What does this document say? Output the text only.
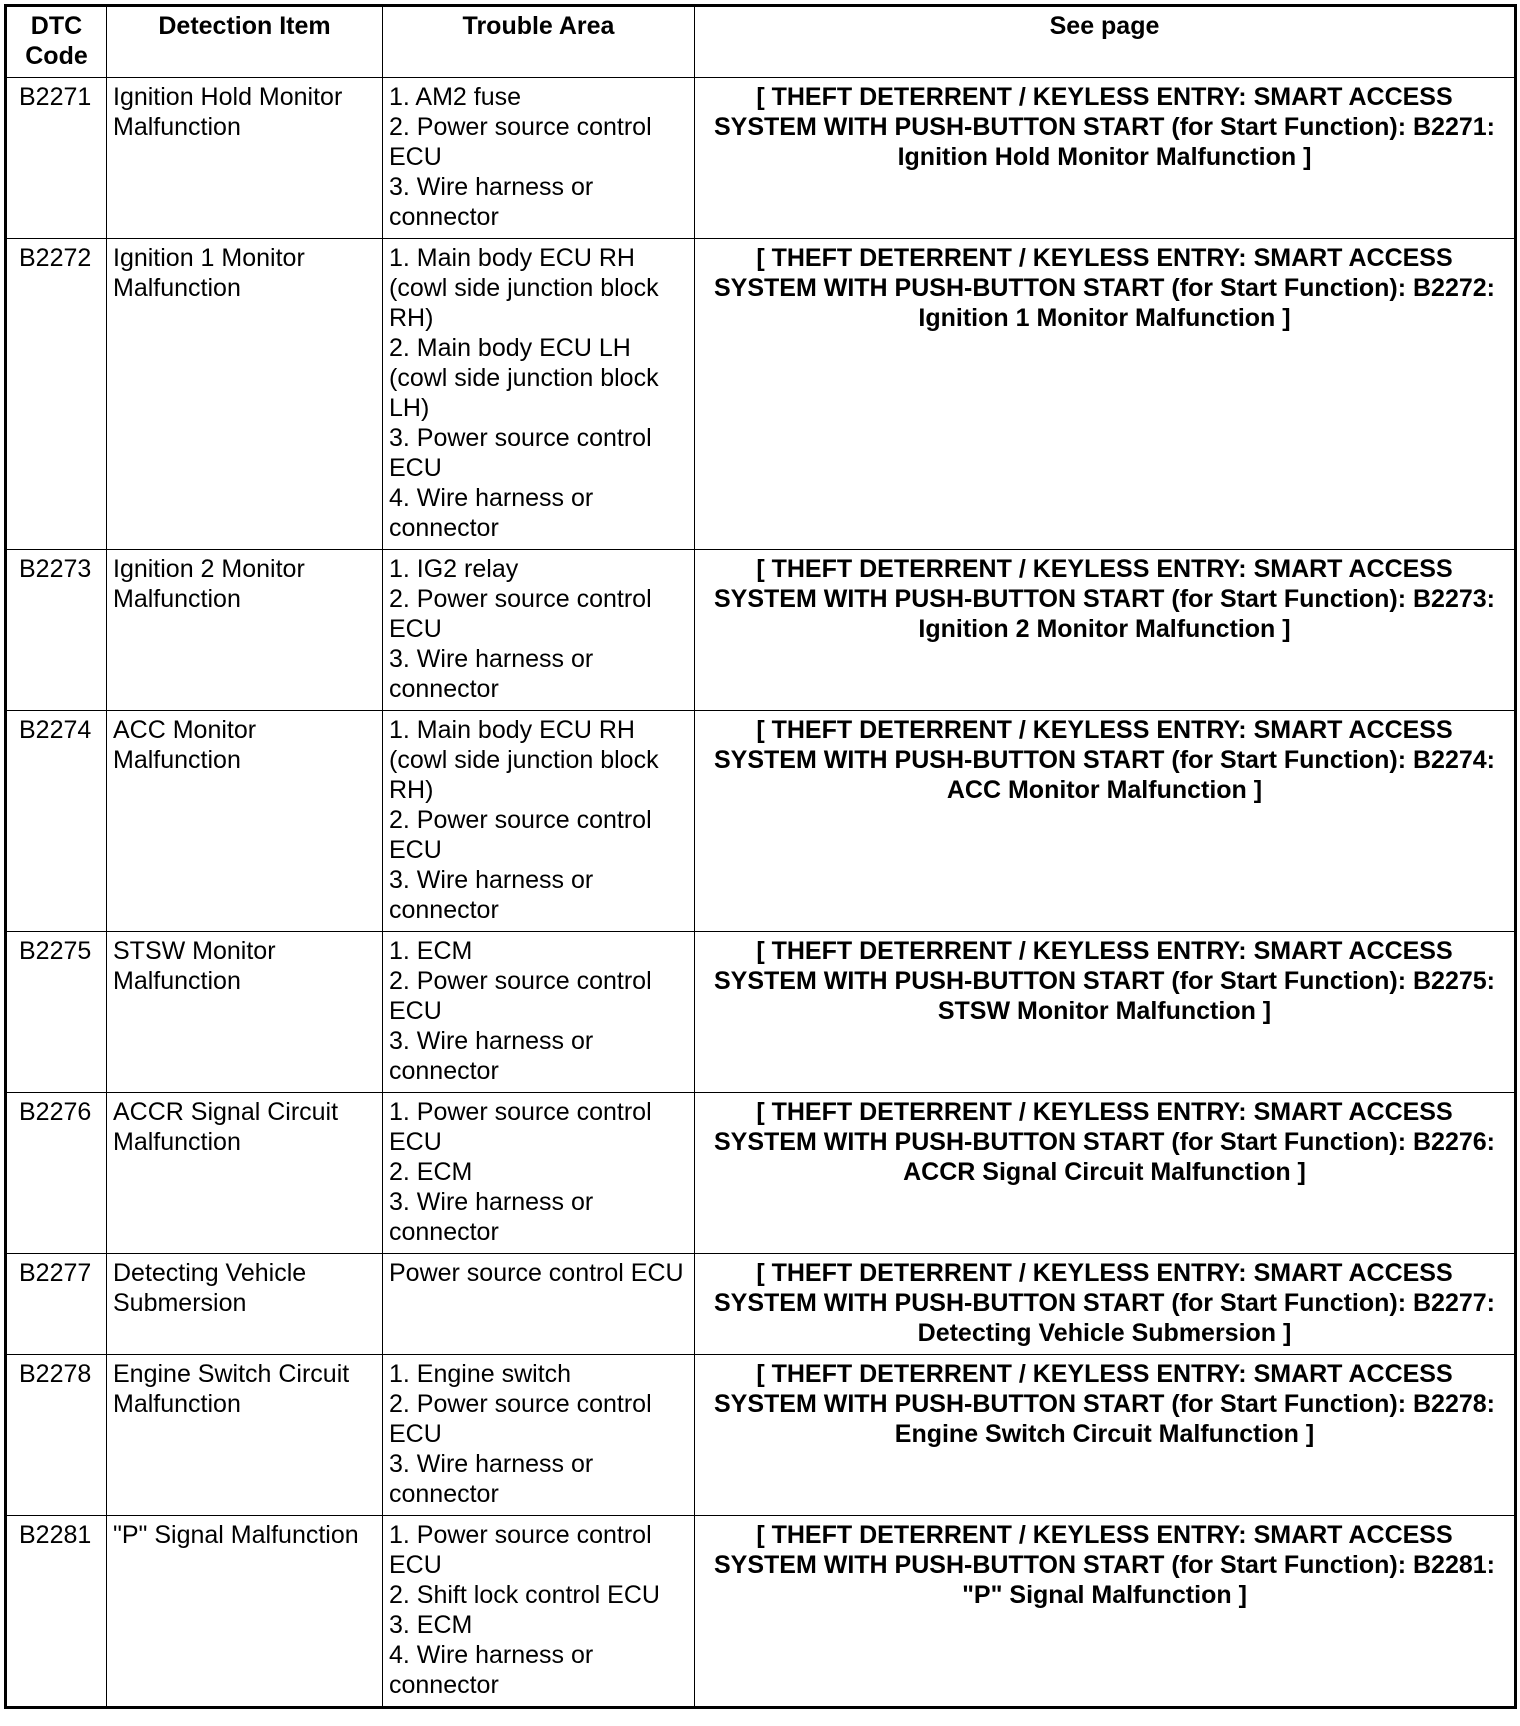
DTC
Code	Detection Item	Trouble Area	See page
B2271	Ignition Hold Monitor Malfunction	1. AM2 fuse
2. Power source control ECU
3. Wire harness or connector	[ THEFT DETERRENT / KEYLESS ENTRY: SMART ACCESS SYSTEM WITH PUSH-BUTTON START (for Start Function): B2271: Ignition Hold Monitor Malfunction ]
B2272	Ignition 1 Monitor Malfunction	1. Main body ECU RH (cowl side junction block RH)
2. Main body ECU LH (cowl side junction block LH)
3. Power source control ECU
4. Wire harness or connector	[ THEFT DETERRENT / KEYLESS ENTRY: SMART ACCESS SYSTEM WITH PUSH-BUTTON START (for Start Function): B2272: Ignition 1 Monitor Malfunction ]
B2273	Ignition 2 Monitor Malfunction	1. IG2 relay
2. Power source control ECU
3. Wire harness or connector	[ THEFT DETERRENT / KEYLESS ENTRY: SMART ACCESS SYSTEM WITH PUSH-BUTTON START (for Start Function): B2273: Ignition 2 Monitor Malfunction ]
B2274	ACC Monitor Malfunction	1. Main body ECU RH (cowl side junction block RH)
2. Power source control ECU
3. Wire harness or connector	[ THEFT DETERRENT / KEYLESS ENTRY: SMART ACCESS SYSTEM WITH PUSH-BUTTON START (for Start Function): B2274: ACC Monitor Malfunction ]
B2275	STSW Monitor Malfunction	1. ECM
2. Power source control ECU
3. Wire harness or connector	[ THEFT DETERRENT / KEYLESS ENTRY: SMART ACCESS SYSTEM WITH PUSH-BUTTON START (for Start Function): B2275: STSW Monitor Malfunction ]
B2276	ACCR Signal Circuit Malfunction	1. Power source control ECU
2. ECM
3. Wire harness or connector	[ THEFT DETERRENT / KEYLESS ENTRY: SMART ACCESS SYSTEM WITH PUSH-BUTTON START (for Start Function): B2276: ACCR Signal Circuit Malfunction ]
B2277	Detecting Vehicle Submersion	Power source control ECU	[ THEFT DETERRENT / KEYLESS ENTRY: SMART ACCESS SYSTEM WITH PUSH-BUTTON START (for Start Function): B2277: Detecting Vehicle Submersion ]
B2278	Engine Switch Circuit Malfunction	1. Engine switch
2. Power source control ECU
3. Wire harness or connector	[ THEFT DETERRENT / KEYLESS ENTRY: SMART ACCESS SYSTEM WITH PUSH-BUTTON START (for Start Function): B2278: Engine Switch Circuit Malfunction ]
B2281	"P" Signal Malfunction	1. Power source control ECU
2. Shift lock control ECU
3. ECM
4. Wire harness or connector	[ THEFT DETERRENT / KEYLESS ENTRY: SMART ACCESS SYSTEM WITH PUSH-BUTTON START (for Start Function): B2281: "P" Signal Malfunction ]
